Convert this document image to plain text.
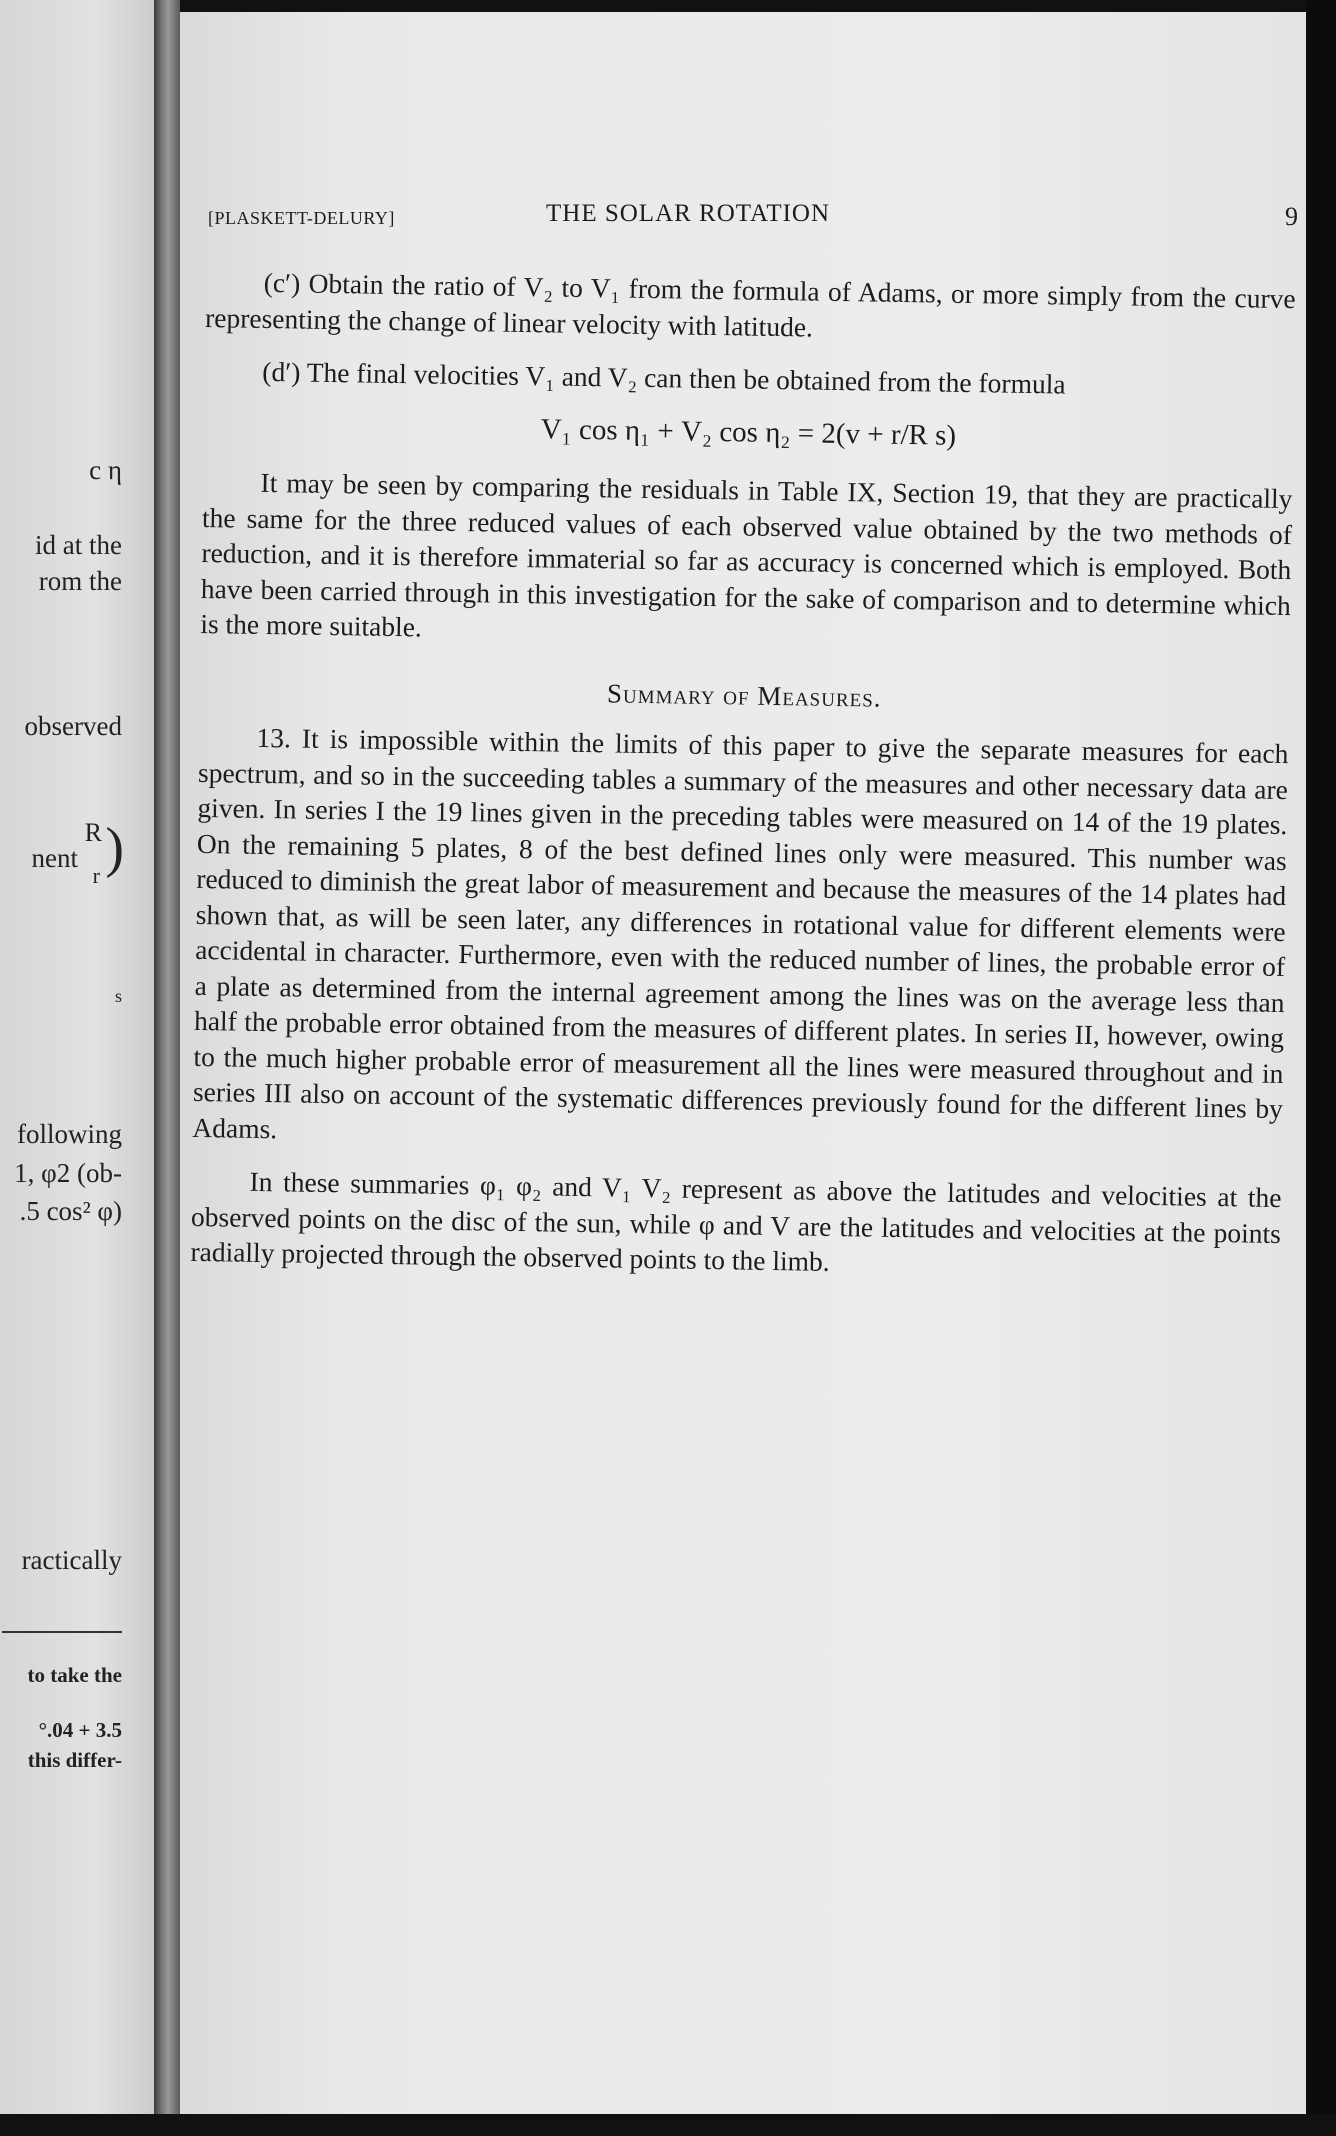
c η
id at the
rom the
observed
nent
R
r )
s
following
1, φ2 (ob-
.5 cos² φ)
ractically
to take the
°.04 + 3.5
this differ-
[PLASKETT-DELURY]	THE SOLAR ROTATION	9

(c′) Obtain the ratio of V₂ to V₁ from the formula of Adams, or more simply from the curve representing the change of linear velocity with latitude.

(d′) The final velocities V₁ and V₂ can then be obtained from the formula

V₁ cos η₁ + V₂ cos η₂ = 2(v + r/R s)

It may be seen by comparing the residuals in Table IX, Section 19, that they are practically the same for the three reduced values of each observed value obtained by the two methods of reduction, and it is therefore immaterial so far as accuracy is concerned which is employed. Both have been carried through in this investigation for the sake of comparison and to determine which is the more suitable.

Summary of Measures.

13. It is impossible within the limits of this paper to give the separate measures for each spectrum, and so in the succeeding tables a summary of the measures and other necessary data are given. In series I the 19 lines given in the preceding tables were measured on 14 of the 19 plates. On the remaining 5 plates, 8 of the best defined lines only were measured. This number was reduced to diminish the great labor of measurement and because the measures of the 14 plates had shown that, as will be seen later, any differences in rotational value for different elements were accidental in character. Furthermore, even with the reduced number of lines, the probable error of a plate as determined from the internal agreement among the lines was on the average less than half the probable error obtained from the measures of different plates. In series II, however, owing to the much higher probable error of measurement all the lines were measured throughout and in series III also on account of the systematic differences previously found for the different lines by Adams.

In these summaries φ₁ φ₂ and V₁ V₂ represent as above the latitudes and velocities at the observed points on the disc of the sun, while φ and V are the latitudes and velocities at the points radially projected through the observed points to the limb.
